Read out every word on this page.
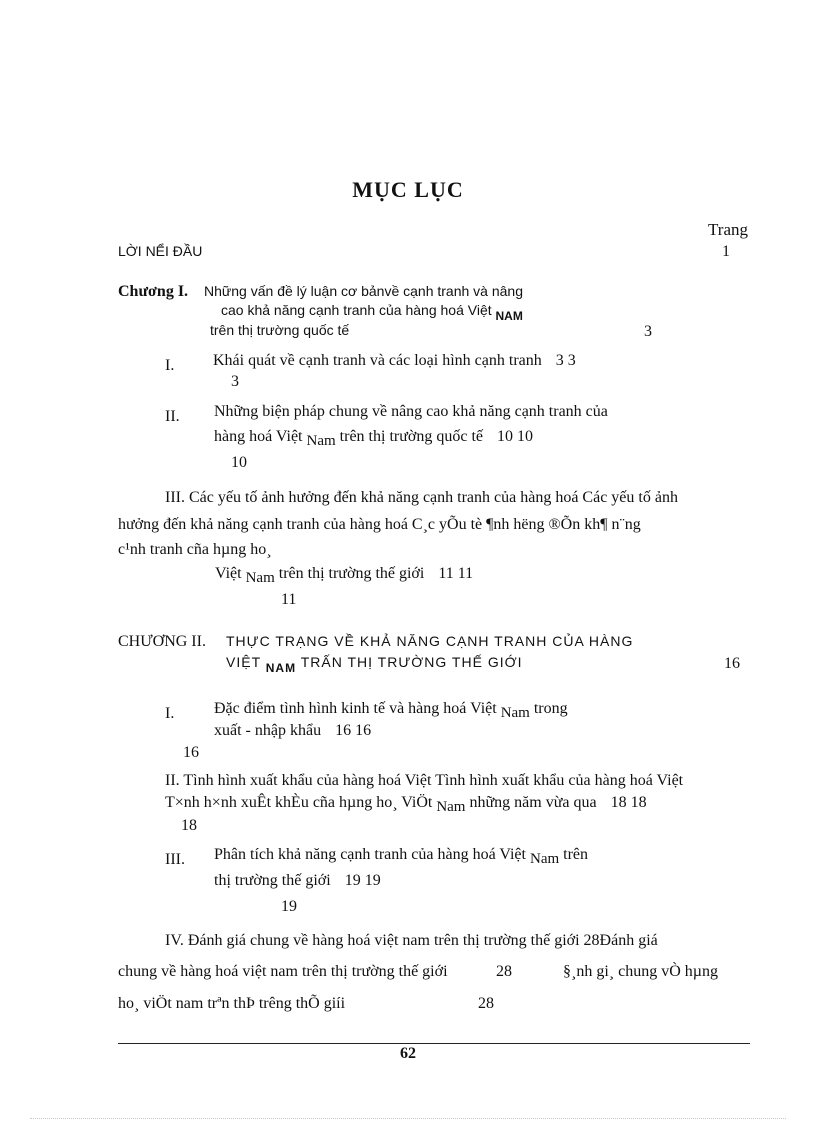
MỤC LỤC
Trang
LỜI NỂI ĐẦU	1
Chương I. Những vấn đề lý luận cơ bảnvề cạnh tranh và nâng
cao khả năng cạnh tranh của hàng hoá Việt NAM
trên thị trường quốc tế	3
I. Khái quát về cạnh tranh và các loại hình cạnh tranh 3 3
3
II. Những biện pháp chung về nâng cao khả năng cạnh tranh của
hàng hoá Việt Nam trên thị trường quốc tế 10 10
10
III. Các yếu tố ảnh hưởng đến khả năng cạnh tranh của hàng hoá Các yếu tố ảnh
hưởng đến khả năng cạnh tranh của hàng hoá C¸c yÕu tè ¶nh hëng ®Õn kh¶ n¨ng
c¹nh tranh cña hµng ho¸
Việt Nam trên thị trường thế giới 11 11
11
CHƯƠNG II. THỰC TRẠNG VỀ KHẢ NĂNG CẠNH TRANH CỦA HÀNG
VIỆT NAM TRẤN THỊ TRƯỜNG THẾ GIỚI	16
I. Đặc điểm tình hình kinh tế và hàng hoá Việt Nam trong
xuất - nhập khẩu 16 16
16
II. Tình hình xuất khẩu của hàng hoá Việt Tình hình xuất khẩu của hàng hoá Việt
T×nh h×nh xuÊt khÈu cña hµng ho¸ ViÖt Nam những năm vừa qua 18 18
18
III. Phân tích khả năng cạnh tranh của hàng hoá Việt Nam trên
thị trường thế giới 19 19
19
IV. Đánh giá chung về hàng hoá việt nam trên thị trường thế giới 28Đánh giá
chung về hàng hoá việt nam trên thị trường thế giới	28	§¸nh gi¸ chung vÒ hµng
ho¸ viÖt nam trªn thÞ trêng thÕ giíi	28
62
